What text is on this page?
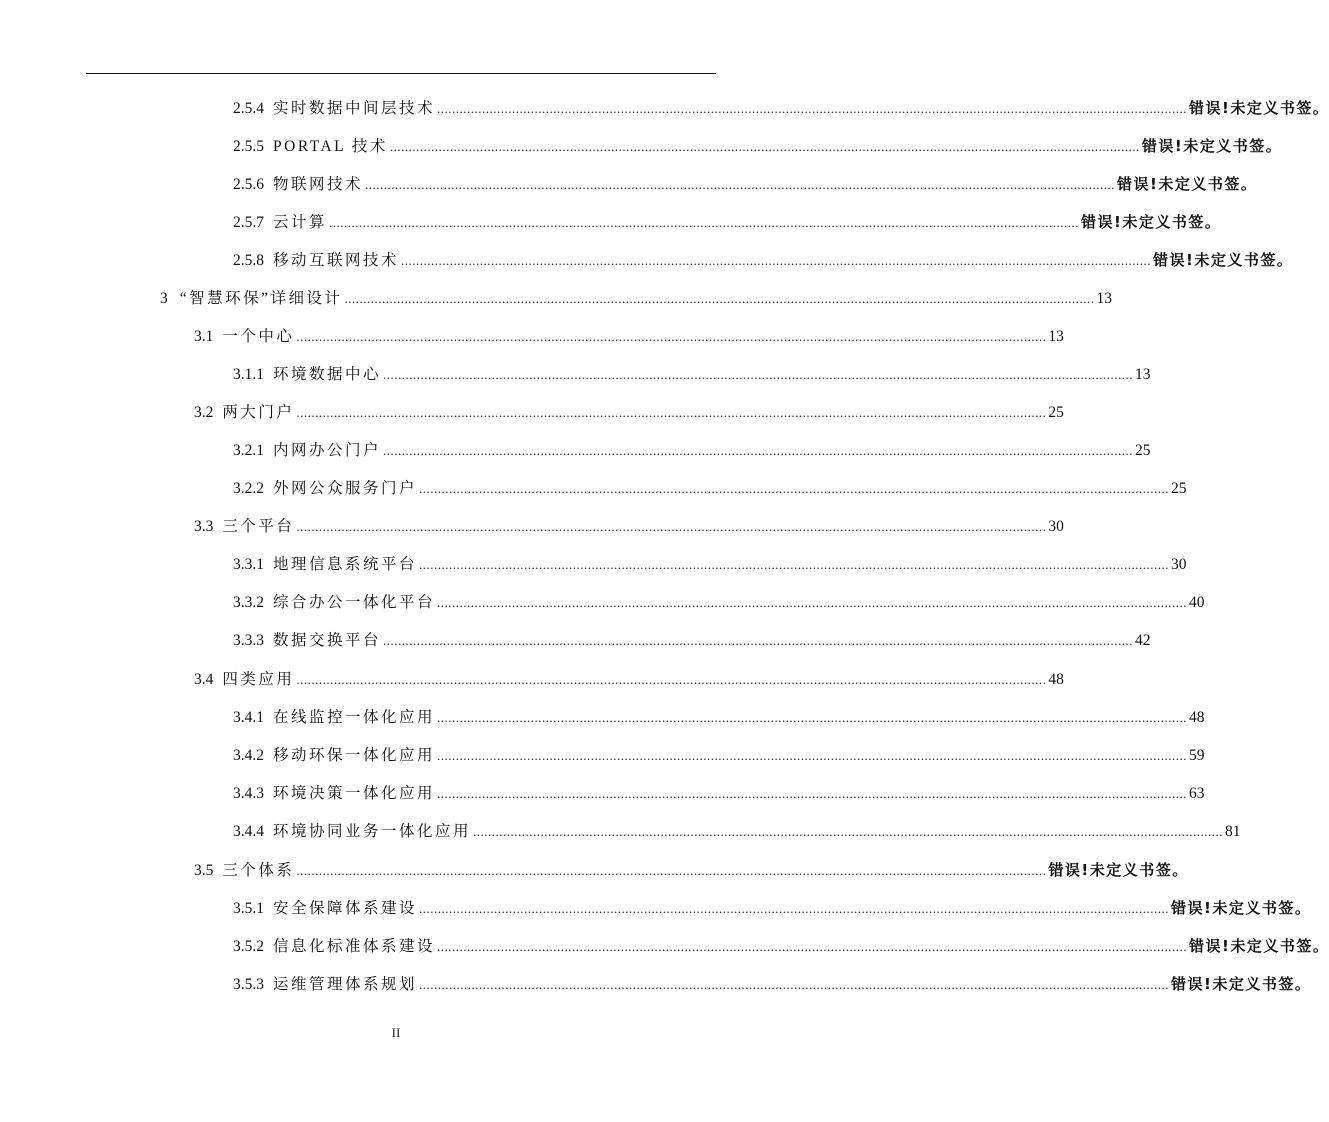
2.5.4 实时数据中间层技术 ........................................................................................................................................................................................................ 错误!未定义书签。
2.5.5 PORTAL 技术 ........................................................................................................................................................................................................ 错误!未定义书签。
2.5.6 物联网技术 ........................................................................................................................................................................................................ 错误!未定义书签。
2.5.7 云计算 ........................................................................................................................................................................................................ 错误!未定义书签。
2.5.8 移动互联网技术 ........................................................................................................................................................................................................ 错误!未定义书签。
3 “智慧环保”详细设计 ........................................................................................................................................................................................................ 13
3.1 一个中心 ........................................................................................................................................................................................................ 13
3.1.1 环境数据中心 ........................................................................................................................................................................................................ 13
3.2 两大门户 ........................................................................................................................................................................................................ 25
3.2.1 内网办公门户 ........................................................................................................................................................................................................ 25
3.2.2 外网公众服务门户 ........................................................................................................................................................................................................ 25
3.3 三个平台 ........................................................................................................................................................................................................ 30
3.3.1 地理信息系统平台 ........................................................................................................................................................................................................ 30
3.3.2 综合办公一体化平台 ........................................................................................................................................................................................................ 40
3.3.3 数据交换平台 ........................................................................................................................................................................................................ 42
3.4 四类应用 ........................................................................................................................................................................................................ 48
3.4.1 在线监控一体化应用 ........................................................................................................................................................................................................ 48
3.4.2 移动环保一体化应用 ........................................................................................................................................................................................................ 59
3.4.3 环境决策一体化应用 ........................................................................................................................................................................................................ 63
3.4.4 环境协同业务一体化应用 ........................................................................................................................................................................................................ 81
3.5 三个体系 ........................................................................................................................................................................................................ 错误!未定义书签。
3.5.1 安全保障体系建设 ........................................................................................................................................................................................................ 错误!未定义书签。
3.5.2 信息化标准体系建设 ........................................................................................................................................................................................................ 错误!未定义书签。
3.5.3 运维管理体系规划 ........................................................................................................................................................................................................ 错误!未定义书签。
II
